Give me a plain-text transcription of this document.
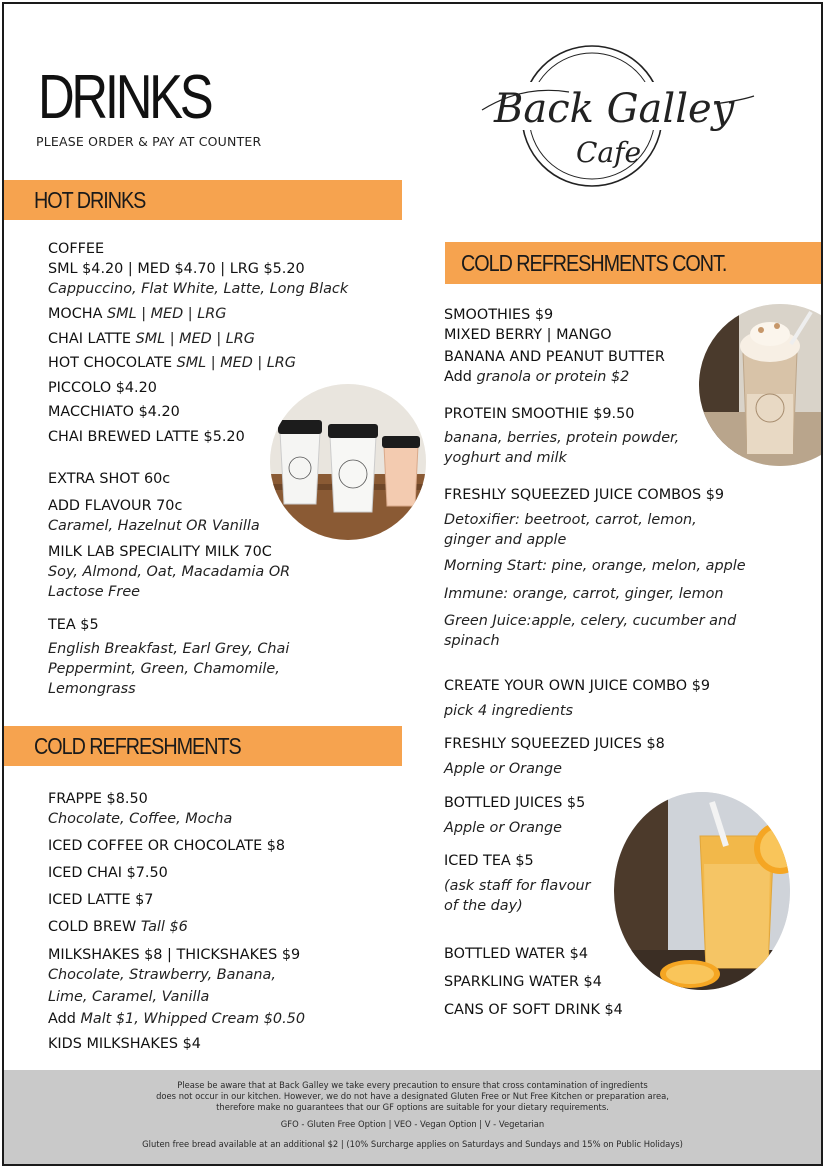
DRINKS
PLEASE ORDER & PAY AT COUNTER
Back Galley
Cafe
HOT DRINKS
COFFEE
SML $4.20 | MED $4.70 | LRG $5.20
Cappuccino, Flat White, Latte, Long Black
MOCHA SML | MED | LRG
CHAI LATTE SML | MED | LRG
HOT CHOCOLATE SML | MED | LRG
PICCOLO $4.20
MACCHIATO $4.20
CHAI BREWED LATTE $5.20
EXTRA SHOT 60c
ADD FLAVOUR 70c
Caramel, Hazelnut OR Vanilla
MILK LAB SPECIALITY MILK 70C
Soy, Almond, Oat, Macadamia OR
Lactose Free
TEA $5
English Breakfast, Earl Grey, Chai
Peppermint, Green, Chamomile,
Lemongrass
COLD REFRESHMENTS
FRAPPE $8.50
Chocolate, Coffee, Mocha
ICED COFFEE OR CHOCOLATE $8
ICED CHAI $7.50
ICED LATTE $7
COLD BREW Tall $6
MILKSHAKES $8 | THICKSHAKES $9
Chocolate, Strawberry, Banana,
Lime, Caramel, Vanilla
Add Malt $1, Whipped Cream $0.50
KIDS MILKSHAKES $4
COLD REFRESHMENTS CONT.
SMOOTHIES $9
MIXED BERRY | MANGO
BANANA AND PEANUT BUTTER
Add granola or protein $2
PROTEIN SMOOTHIE $9.50
banana, berries, protein powder,
yoghurt and milk
FRESHLY SQUEEZED JUICE COMBOS $9
Detoxifier: beetroot, carrot, lemon,
ginger and apple
Morning Start: pine, orange, melon, apple
Immune: orange, carrot, ginger, lemon
Green Juice:apple, celery, cucumber and
spinach
CREATE YOUR OWN JUICE COMBO $9
pick 4 ingredients
FRESHLY SQUEEZED JUICES $8
Apple or Orange
BOTTLED JUICES $5
Apple or Orange
ICED TEA $5
(ask staff for flavour
of the day)
BOTTLED WATER $4
SPARKLING WATER $4
CANS OF SOFT DRINK $4
Please be aware that at Back Galley we take every precaution to ensure that cross contamination of ingredients
does not occur in our kitchen. However, we do not have a designated Gluten Free or Nut Free Kitchen or preparation area,
therefore make no guarantees that our GF options are suitable for your dietary requirements.
GFO - Gluten Free Option | VEO - Vegan Option | V - Vegetarian
Gluten free bread available at an additional $2 | (10% Surcharge applies on Saturdays and Sundays and 15% on Public Holidays)
